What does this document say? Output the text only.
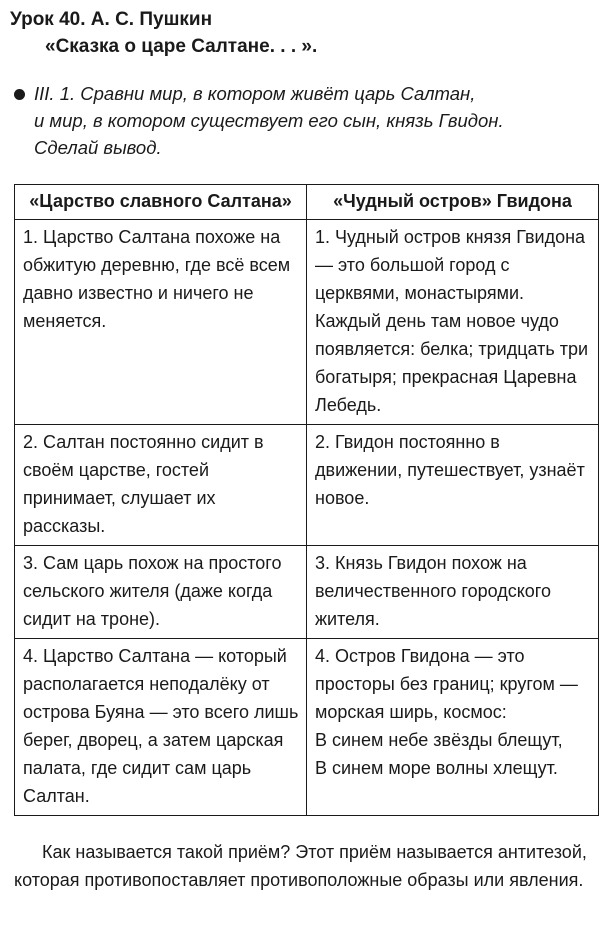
Урок 40. А. С. Пушкин
«Сказка о царе Салтане. . . ».
III. 1. Сравни мир, в котором живёт царь Салтан,
и мир, в котором существует его сын, князь Гвидон.
Сделай вывод.
«Царство славного Салтана»	«Чудный остров» Гвидона
1. Царство Салтана похоже на обжитую деревню, где всё всем давно известно и ничего не меняется.	1. Чудный остров князя Гвидона — это большой город с церквями, монастырями. Каждый день там новое чудо появляется: белка; тридцать три богатыря; прекрасная Царевна Лебедь.
2. Салтан постоянно сидит в своём царстве, гостей принимает, слушает их рассказы.	2. Гвидон постоянно в движении, путешествует, узнаёт новое.
3. Сам царь похож на простого сельского жителя (даже когда сидит на троне).	3. Князь Гвидон похож на величественного городского жителя.
4. Царство Салтана — который располагается неподалёку от острова Буяна — это всего лишь берег, дворец, а затем царская палата, где сидит сам царь Салтан.	4. Остров Гвидона — это просторы без границ; кругом — морская ширь, космос:
В синем небе звёзды блещут,
В синем море волны хлещут.
Как называется такой приём? Этот приём называется антитезой, которая противопоставляет противоположные образы или явления.
